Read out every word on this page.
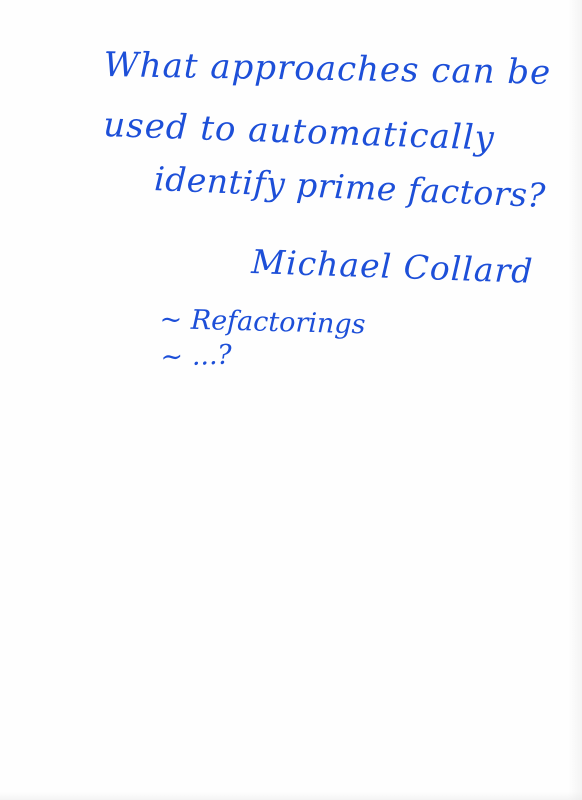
What approaches can be
used to automatically
identify prime factors?

Michael Collard

~ Refactorings

~ ...?
